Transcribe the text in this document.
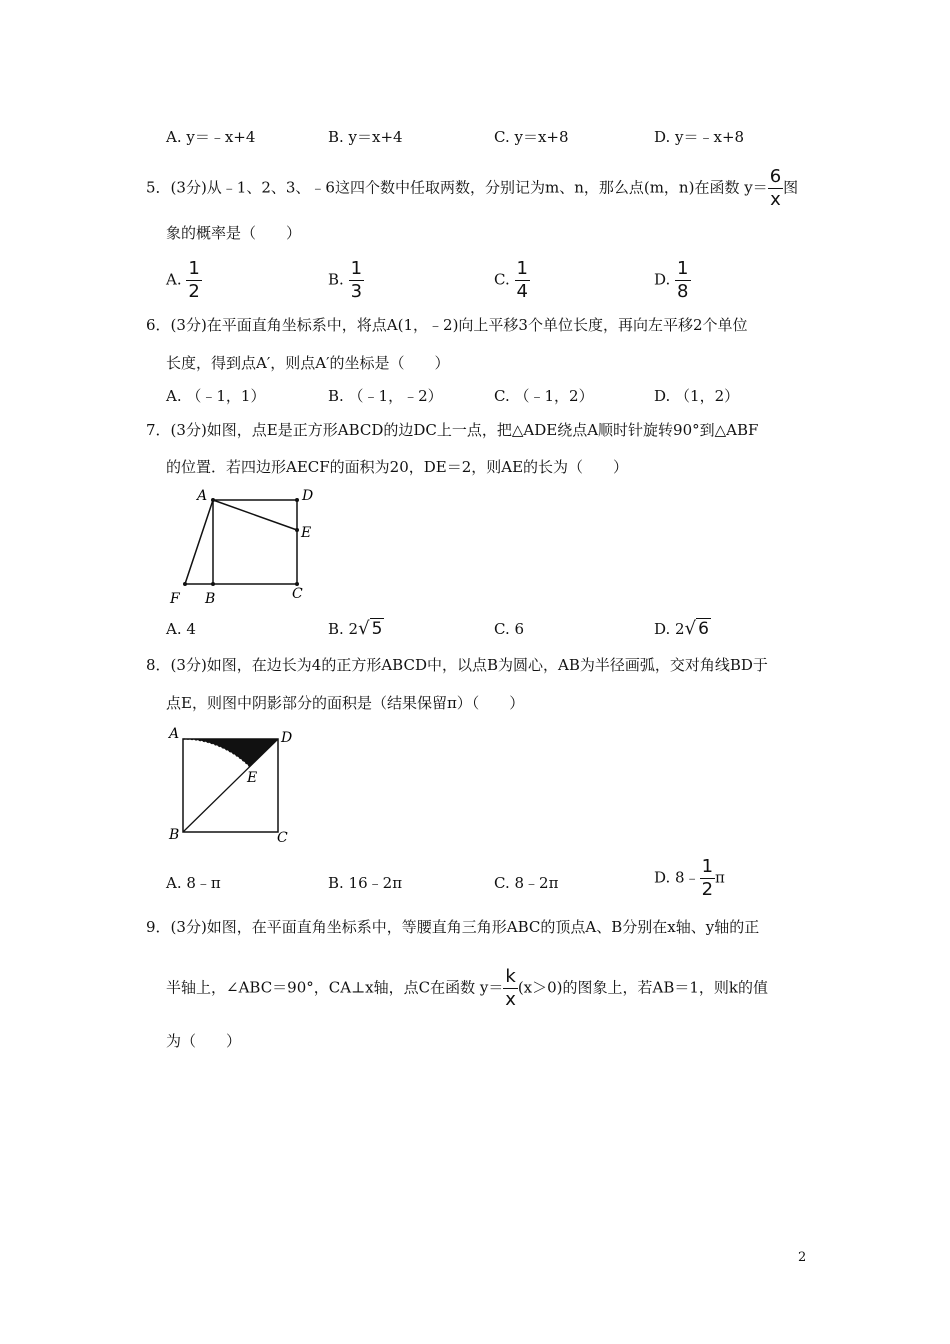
A. y＝﹣x+4	B. y＝x+4	C. y＝x+8	D. y＝﹣x+8
5．(3分)从﹣1、2、3、﹣6这四个数中任取两数，分别记为m、n，那么点(m，n)在函数 $y= \frac{6}{x}$ 图
象的概率是（　　）
A. $\frac{1}{2}$	B. $\frac{1}{3}$	C. $\frac{1}{4}$	D. $\frac{1}{8}$
6．(3分)在平面直角坐标系中，将点A(1，﹣2)向上平移3个单位长度，再向左平移2个单位
长度，得到点A′，则点A′的坐标是（　　）
A. （﹣1，1）	B. （﹣1，﹣2）	C. （﹣1，2）	D. （1，2）
7．(3分)如图，点E是正方形ABCD的边DC上一点，把△ADE绕点A顺时针旋转90°到△ABF
的位置．若四边形AECF的面积为20，DE＝2，则AE的长为（　　）
A	D
E
F B	C
A. 4	B. 2√ 5	C. 6	D. 2√ 6
8．(3分)如图，在边长为4的正方形ABCD中，以点B为圆心，AB为半径画弧，交对角线BD于
点E，则图中阴影部分的面积是（结果保留π）（　　）
A	D
E
B	C
A. 8﹣π	B. 16﹣2π	C. 8﹣2π	D. 8﹣ $\frac{1}{2}$ π
9．(3分)如图，在平面直角坐标系中，等腰直角三角形ABC的顶点A、B分别在x轴、y轴的正
半轴上，∠ABC＝90°，CA⊥x轴，点C在函数 $y= \frac{k}{x} (x>0)$的图象上，若AB＝1，则k的值
为（　　）
2
